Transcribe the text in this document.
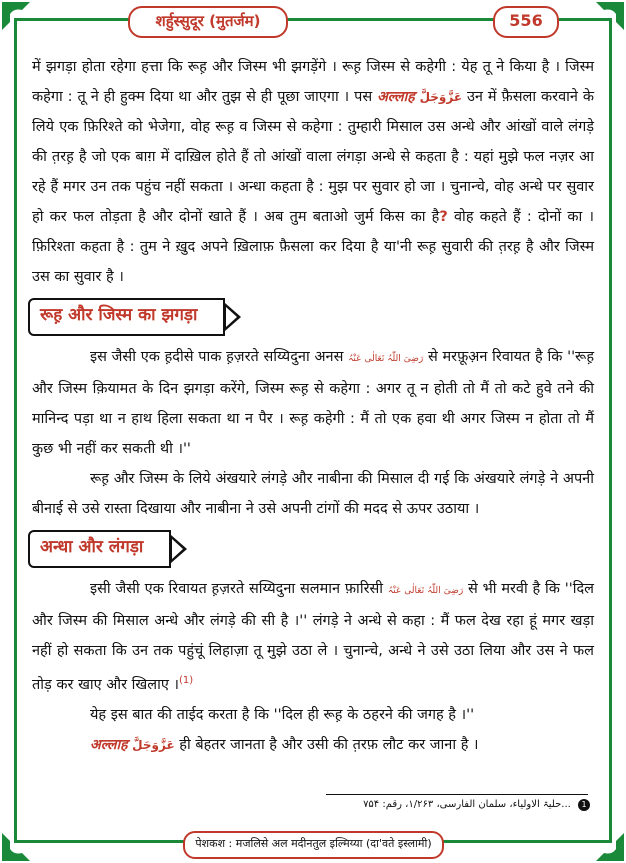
शर्हुस्सुदूर (मुतर्जम)	556

में झगड़ा होता रहेगा हत्ता कि रूह़ और जिस्म भी झगड़ेंगे । रूह़ जिस्म से कहेगी : येह तू ने किया है । जिस्म कहेगा : तू ने ही हुक्म दिया था और तुझ से ही पूछा जाएगा । पस अल्लाह عَزَّوَجَلَّ उन में फ़ैसला करवाने के लिये एक फ़िरिश्ते को भेजेगा, वोह रूह़ व जिस्म से कहेगा : तुम्हारी मिसाल उस अन्धे और आंखों वाले लंगड़े की त़रह़ है जो एक बाग़ में दाख़िल होते हैं तो आंखों वाला लंगड़ा अन्धे से कहता है : यहां मुझे फल नज़र आ रहे हैं मगर उन तक पहुंच नहीं सकता । अन्धा कहता है : मुझ पर सुवार हो जा । चुनान्चे, वोह अन्धे पर सुवार हो कर फल तोड़ता है और दोनों खाते हैं । अब तुम बताओ जुर्म किस का है? वोह कहते हैं : दोनों का । फ़िरिश्ता कहता है : तुम ने ख़ुद अपने ख़िलाफ़ फ़ैसला कर दिया है या'नी रूह़ सुवारी की त़रह़ है और जिस्म उस का सुवार है ।

रूह़ और जिस्म का झगड़ा

इस जैसी एक ह़दीसे पाक ह़ज़रते सय्यिदुना अनस رَضِیَ اللّٰہُ تَعَالٰی عَنْہُ से मरफ़ूअ़न रिवायत है कि ''रूह़ और जिस्म क़ियामत के दिन झगड़ा करेंगे, जिस्म रूह़ से कहेगा : अगर तू न होती तो मैं तो कटे हुवे तने की मानिन्द पड़ा था न हाथ हिला सकता था न पैर । रूह़ कहेगी : मैं तो एक हवा थी अगर जिस्म न होता तो मैं कुछ भी नहीं कर सकती थी ।''

रूह़ और जिस्म के लिये अंखयारे लंगड़े और नाबीना की मिसाल दी गई कि अंखयारे लंगड़े ने अपनी बीनाई से उसे रास्ता दिखाया और नाबीना ने उसे अपनी टांगों की मदद से ऊपर उठाया ।

अन्धा और लंगड़ा

इसी जैसी एक रिवायत ह़ज़रते सय्यिदुना सलमान फ़ारिसी رَضِیَ اللّٰہُ تَعَالٰی عَنْہُ से भी मरवी है कि ''दिल और जिस्म की मिसाल अन्धे और लंगड़े की सी है ।'' लंगड़े ने अन्धे से कहा : मैं फल देख रहा हूं मगर खड़ा नहीं हो सकता कि उन तक पहुंचूं लिहाज़ा तू मुझे उठा ले । चुनान्चे, अन्धे ने उसे उठा लिया और उस ने फल तोड़ कर खाए और खिलाए ।$^{(1)}$

येह इस बात की ताईद करता है कि ''दिल ही रूह़ के ठहरने की जगह है ।''

अल्लाह عَزَّوَجَلَّ ही बेहतर जानता है और उसी की त़रफ़ लौट कर जाना है ।

1 ...حلیۃ الاولیاء، سلمان الفارسی، ۱/۲۶۳، رقم: ۷۵۴
पेशकश : मजलिसे अल मदीनतुल इल्मिय्या (दा'वते इस्लामी)
